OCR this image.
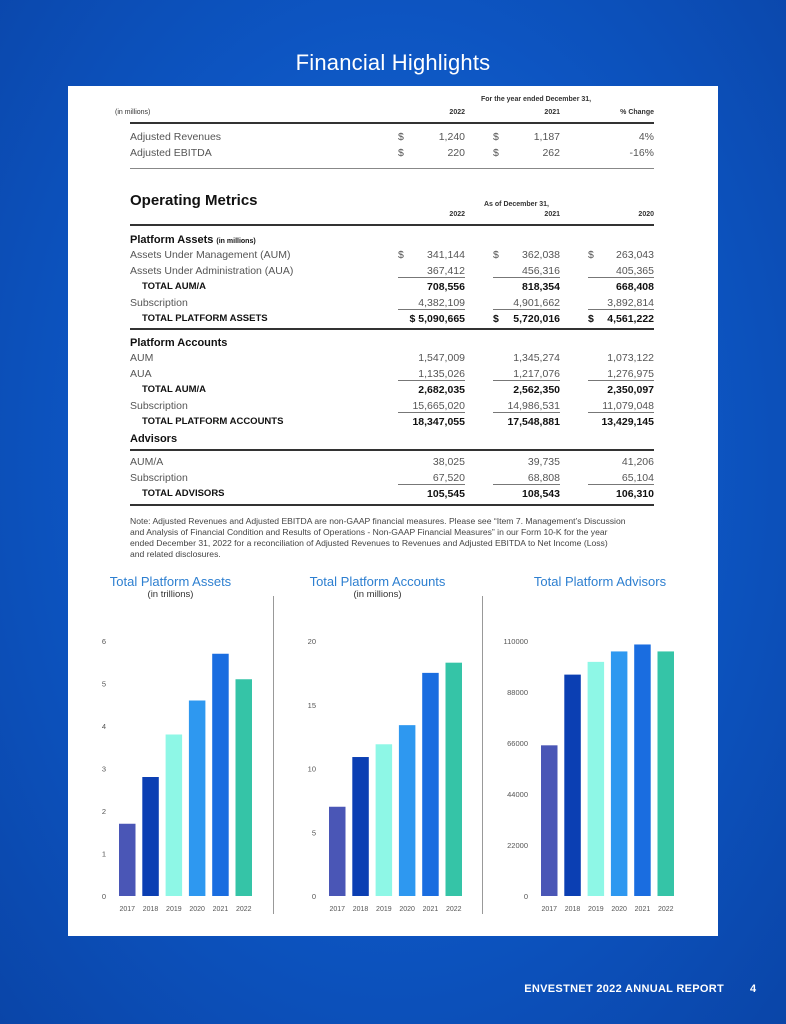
Financial Highlights
For the year ended December 31,
(in millions)	2022	2021	% Change
Adjusted Revenues	$	1,240	$	1,187	4%
Adjusted EBITDA	$	220	$	262	-16%
Operating Metrics	As of December 31,
2022	2021	2020
Platform Assets (in millions)
Assets Under Management (AUM)	$	341,144	$	362,038	$	263,043
Assets Under Administration (AUA)	367,412	456,316	405,365
TOTAL AUM/A	708,556	818,354	668,408
Subscription	4,382,109	4,901,662	3,892,814
TOTAL PLATFORM ASSETS	$ 5,090,665	$	5,720,016	$	4,561,222
Platform Accounts
AUM	1,547,009	1,345,274	1,073,122
AUA	1,135,026	1,217,076	1,276,975
TOTAL AUM/A	2,682,035	2,562,350	2,350,097
Subscription	15,665,020	14,986,531	11,079,048
TOTAL PLATFORM ACCOUNTS	18,347,055	17,548,881	13,429,145
Advisors
AUM/A	38,025	39,735	41,206
Subscription	67,520	68,808	65,104
TOTAL ADVISORS	105,545	108,543	106,310
Note: Adjusted Revenues and Adjusted EBITDA are non-GAAP financial measures. Please see “Item 7. Management’s Discussion
and Analysis of Financial Condition and Results of Operations - Non-GAAP Financial Measures” in our Form 10-K for the year
ended December 31, 2022 for a reconciliation of Adjusted Revenues to Revenues and Adjusted EBITDA to Net Income (Loss)
and related disclosures.
Total Platform Assets
(in trillions)
Total Platform Accounts
(in millions)
Total Platform Advisors
0
1
2
3
4
5
6
2017 2018 2019 2020 2021 2022
0
5
10
15
20
2017 2018 2019 2020 2021 2022
0
22000
44000
66000
88000
110000
2017 2018 2019 2020 2021 2022
ENVESTNET 2022 ANNUAL REPORT 4
